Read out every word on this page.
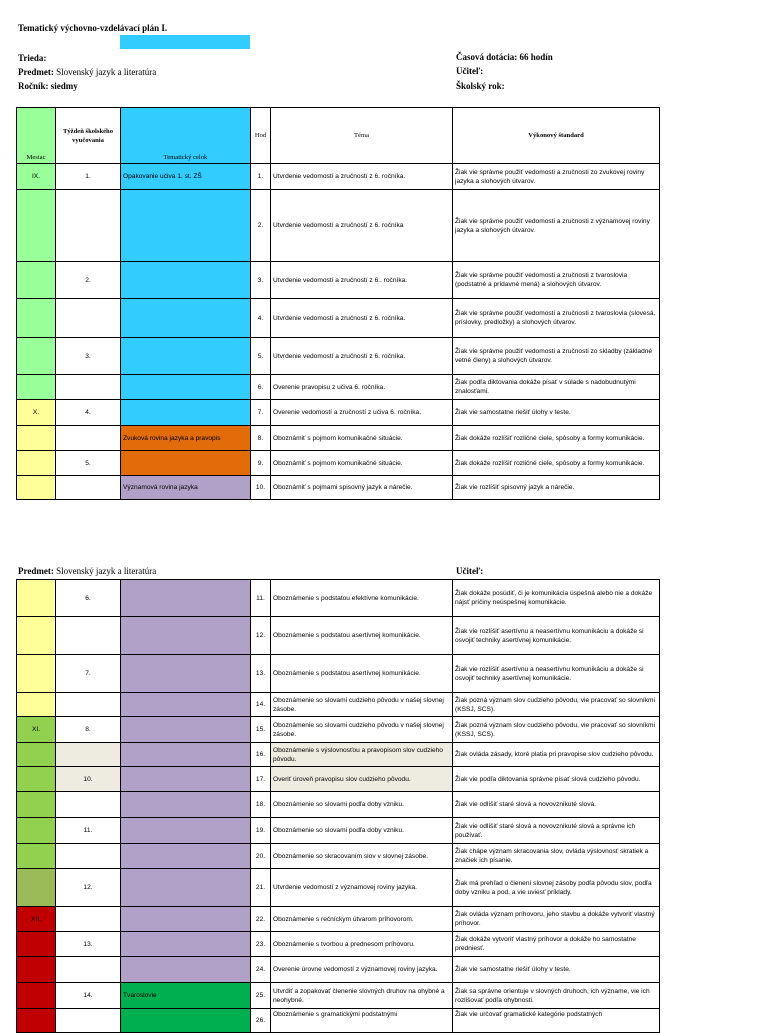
Tematický výchovno-vzdelávací plán I.
Trieda:
Predmet: Slovenský jazyk a literatúra
Ročník: siedmy
Časová dotácia: 66 hodín
Učiteľ:
Školský rok:
Mesiac	Týždeň školského vyučovania	Tematický celok	Hod	Téma	Výkonový štandard
IX.	1.	Opakovanie učiva 1. st. ZŠ	1.	Utvrdenie vedomostí a zručností z 6. ročníka.	Žiak vie správne použiť vedomosti a zručnosti zo zvukovej roviny jazyka a slohových útvarov.
			2.	Utvrdenie vedomostí a zručností z 6. ročníka	Žiak vie správne použiť vedomosti a zručnosti z významovej roviny jazyka a slohových útvarov.
	2.		3.	Utvrdenie vedomostí a zručností z 6.. ročníka.	Žiak vie správne použiť vedomosti a zručnosti z tvaroslovia (podstatné a prídavné mená) a slohových útvarov.
			4.	Utvrdenie vedomostí a zručností z 6. ročníka.	Žiak vie správne použiť vedomosti a zručnosti z tvaroslovia (slovesá, príslovky, predložky) a slohových útvarov.
	3.		5.	Utvrdenie vedomostí a zručností z 6. ročníka.	Žiak vie správne použiť vedomosti a zručnosti zo skladby (základné vetné členy) a slohových útvarov.
			6.	Overenie pravopisu z učiva 6. ročníka.	Žiak podľa diktovania dokáže písať v súlade s nadobudnutými znalosťami.
X.	4.		7.	Overenie vedomostí a zručností z učiva 6. ročníka.	Žiak vie samostatne riešiť úlohy v teste.
		Zvuková rovina jazyka a pravopis	8.	Oboznámiť s pojmom komunikačné situácie.	Žiak dokáže rozlíšiť rozličné ciele, spôsoby a formy komunikácie.
	5.		9.	Oboznámiť s pojmom komunikačné situácie.	Žiak dokáže rozlíšiť rozličné ciele, spôsoby a formy komunikácie.
		Významová rovina jazyka	10.	Oboznámiť s pojmami spisovný jazyk a nárečie.	Žiak vie rozlíšiť spisovný jazyk a nárečie.
Predmet: Slovenský jazyk a literatúra	Učiteľ:
	6.		11.	Oboznámenie s podstatou efektívne komunikácie.	Žiak dokáže posúdiť, či je komunikácia úspešná alebo nie a dokáže nájsť príčiny neúspešnej komunikácie.
			12.	Oboznámenie s podstatou asertívnej komunikácie.	Žiak vie rozlíšiť asertívnu a neasertívnu komunikáciu a dokáže si osvojiť techniky asertívnej komunikácie.
	7.		13.	Oboznámenie s podstatou asertívnej komunikácie.	Žiak vie rozlíšiť asertívnu a neasertívnu komunikáciu a dokáže si osvojiť techniky asertívnej komunikácie.
			14.	Oboznámenie so slovami cudzieho pôvodu v našej slovnej zásobe.	Žiak pozná význam slov cudzieho pôvodu, vie pracovať so slovníkmi (KSSJ, SCS).
XI.	8.		15.	Oboznámenie so slovami cudzieho pôvodu v našej slovnej zásobe.	Žiak pozná význam slov cudzieho pôvodu, vie pracovať so slovníkmi (KSSJ, SCS).
			16.	Oboznámenie s výslovnosťou a pravopisom slov cudzieho pôvodu.	Žiak ovláda zásady, ktoré platia pri pravopise slov cudzieho pôvodu.
	10.		17.	Overiť úroveň pravopisu slov cudzieho pôvodu.	Žiak vie podľa diktovania správne písať slová cudzieho pôvodu.
			18.	Oboznámenie so slovami podľa doby vzniku.	Žiak vie odlíšiť staré slová a novovznikuté slová.
	11.		19.	Oboznámenie so slovami podľa doby vzniku.	Žiak vie odlíšiť staré slová a novovznikuté slová a správne ich používať.
			20.	Oboznámenie so skracovaním slov v slovnej zásobe.	Žiak chápe význam skracovania slov, ovláda výslovnosť skratiek a značiek ich písanie.
	12.		21.	Utvrdenie vedomostí z významovej roviny jazyka.	Žiak má prehľad o členení slovnej zásoby podľa pôvodu slov, podľa doby vzniku a pod. a vie uviesť príklady.
XII.			22.	Oboznámenie s rečníckym útvarom príhovorom.	Žiak ovláda význam príhovoru, jeho stavbu a dokáže vytvoriť vlastný príhovor.
	13.		23.	Oboznámenie s tvorbou a prednesom príhovoru.	Žiak dokáže vytvoriť vlastný príhovor a dokáže ho samostatne predniesť.
			24.	Overenie úrovne vedomostí z významovej roviny jazyka.	Žiak vie samostatne riešiť úlohy v teste.
	14.	Tvaroslovie	25.	Utvrdiť a zopakovať členenie slovných druhov na ohybné a neohybné.	Žiak sa správne orientuje v slovných druhoch, ich význame, vie ich rozlišovať podľa ohybnosti.
			26.	Oboznámenie s gramatickými podstatnými	Žiak vie určovať gramatické kategórie podstatných
